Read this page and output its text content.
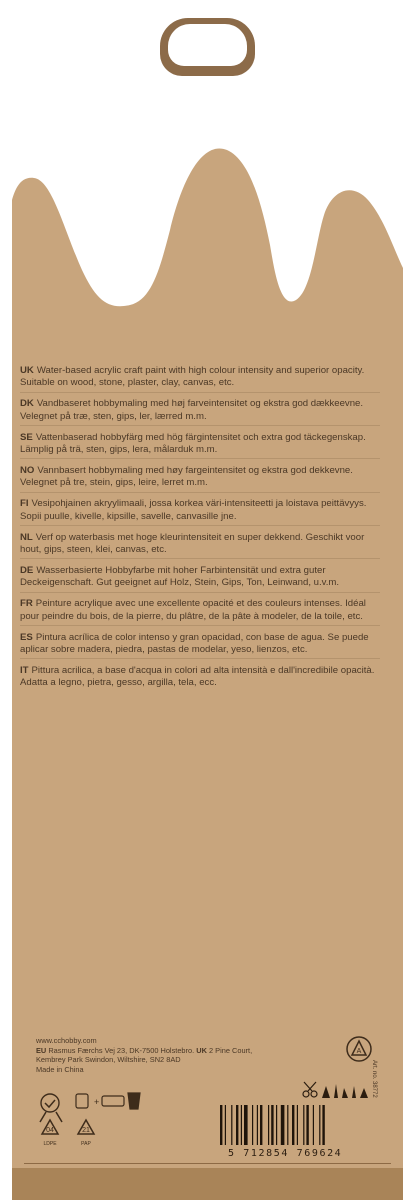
UK Water-based acrylic craft paint with high colour intensity and superior opacity. Suitable on wood, stone, plaster, clay, canvas, etc.
DK Vandbaseret hobbymaling med høj farveintensitet og ekstra god dækkeevne. Velegnet på træ, sten, gips, ler, lærred m.m.
SE Vattenbaserad hobbyfärg med hög färgintensitet och extra god täckegenskap. Lämplig på trä, sten, gips, lera, målarduk m.m.
NO Vannbasert hobbymaling med høy fargeintensitet og ekstra god dekkevne. Velegnet på tre, stein, gips, leire, lerret m.m.
FI Vesipohjainen akryylimaali, jossa korkea väri-intensiteetti ja loistava peittävyys. Sopii puulle, kivelle, kipsille, savelle, canvasille jne.
NL Verf op waterbasis met hoge kleurintensiteit en super dekkend. Geschikt voor hout, gips, steen, klei, canvas, etc.
DE Wasserbasierte Hobbyfarbe mit hoher Farbintensität und extra guter Deckeigenschaft. Gut geeignet auf Holz, Stein, Gips, Ton, Leinwand, u.v.m.
FR Peinture acrylique avec une excellente opacité et des couleurs intenses. Idéal pour peindre du bois, de la pierre, du plâtre, de la pâte à modeler, de la toile, etc.
ES Pintura acrílica de color intenso y gran opacidad, con base de agua. Se puede aplicar sobre madera, piedra, pastas de modelar, yeso, lienzos, etc.
IT Pittura acrilica, a base d'acqua in colori ad alta intensità e dall'incredibile opacità. Adatta a legno, pietra, gesso, argilla, tela, ecc.
www.cchobby.com
EU Rasmus Færchs Vej 23, DK-7500 Holstebro. UK 2 Pine Court, Kembrey Park Swindon, Wiltshire, SN2 8AD
Made in China
04
LDPE
21
PAP
+
A
Art. no. 38772
5 712854 769624
